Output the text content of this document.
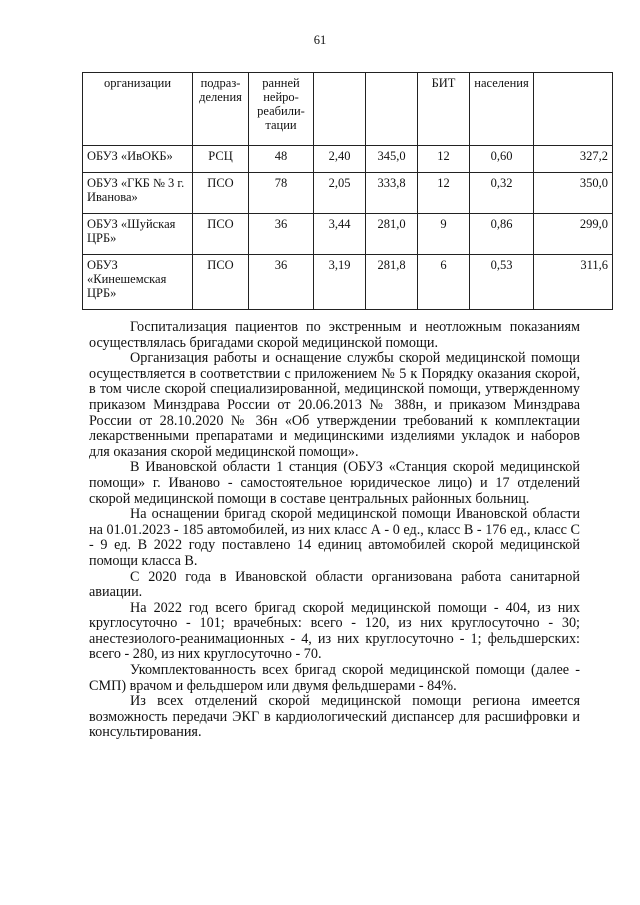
61
организации	подраз-деления	ранней нейро-реабили-тации			БИТ	населения	
ОБУЗ «ИвОКБ»	РСЦ	48	2,40	345,0	12	0,60	327,2
ОБУЗ «ГКБ № 3 г. Иванова»	ПСО	78	2,05	333,8	12	0,32	350,0
ОБУЗ «Шуйская ЦРБ»	ПСО	36	3,44	281,0	9	0,86	299,0
ОБУЗ «Кинешемская ЦРБ»	ПСО	36	3,19	281,8	6	0,53	311,6

Госпитализация пациентов по экстренным и неотложным показаниям осуществлялась бригадами скорой медицинской помощи.

Организация работы и оснащение службы скорой медицинской помощи осуществляется в соответствии с приложением № 5 к Порядку оказания скорой, в том числе скорой специализированной, медицинской помощи, утвержденному приказом Минздрава России от 20.06.2013 № 388н, и приказом Минздрава России от 28.10.2020 № 36н «Об утверждении требований к комплектации лекарственными препаратами и медицинскими изделиями укладок и наборов для оказания скорой медицинской помощи».

В Ивановской области 1 станция (ОБУЗ «Станция скорой медицинской помощи» г. Иваново - самостоятельное юридическое лицо) и 17 отделений скорой медицинской помощи в составе центральных районных больниц.

На оснащении бригад скорой медицинской помощи Ивановской области на 01.01.2023 - 185 автомобилей, из них класс А - 0 ед., класс В - 176 ед., класс С - 9 ед. В 2022 году поставлено 14 единиц автомобилей скорой медицинской помощи класса В.

С 2020 года в Ивановской области организована работа санитарной авиации.

На 2022 год всего бригад скорой медицинской помощи - 404, из них круглосуточно - 101; врачебных: всего - 120, из них круглосуточно - 30; анестезиолого-реанимационных - 4, из них круглосуточно - 1; фельдшерских: всего - 280, из них круглосуточно - 70.

Укомплектованность всех бригад скорой медицинской помощи (далее - СМП) врачом и фельдшером или двумя фельдшерами - 84%.

Из всех отделений скорой медицинской помощи региона имеется возможность передачи ЭКГ в кардиологический диспансер для расшифровки и консультирования.
